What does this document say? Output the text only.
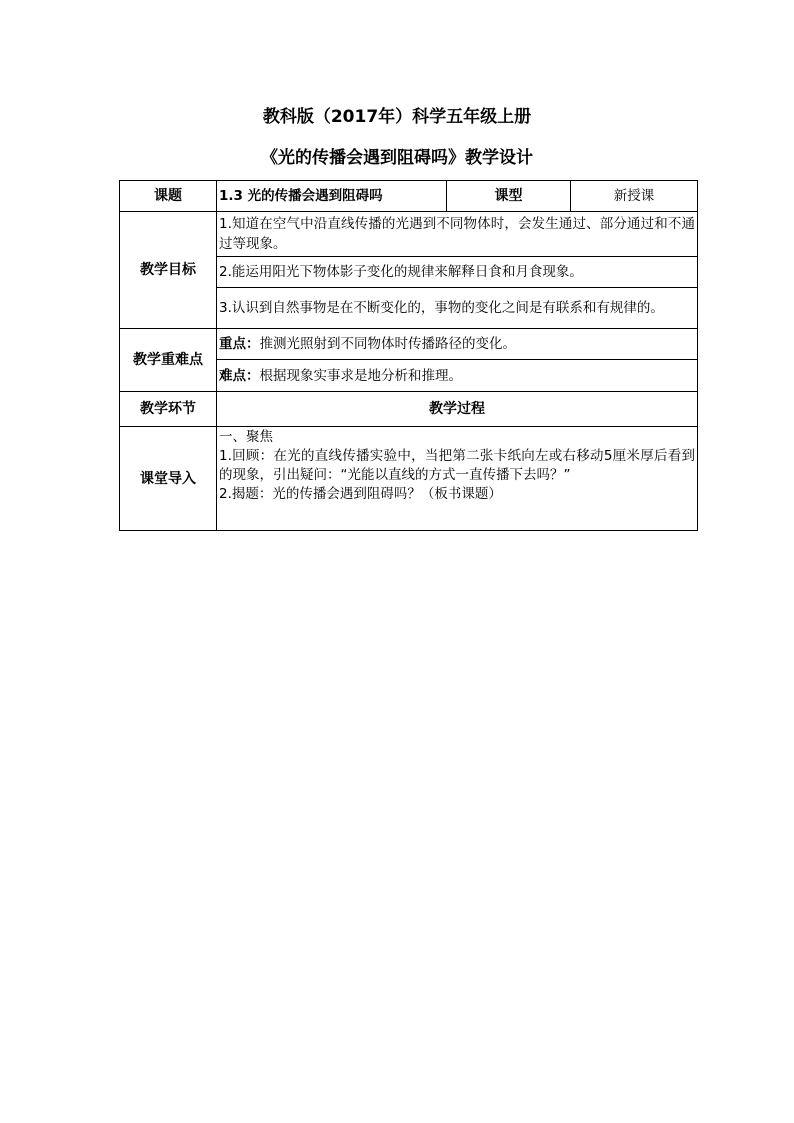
教科版（2017年）科学五年级上册
《光的传播会遇到阻碍吗》教学设计
课题	1.3 光的传播会遇到阻碍吗	课型	新授课
教学目标	1.知道在空气中沿直线传播的光遇到不同物体时，会发生通过、部分通过和不通过等现象。		
	2.能运用阳光下物体影子变化的规律来解释日食和月食现象。		
	3.认识到自然事物是在不断变化的，事物的变化之间是有联系和有规律的。		
教学重难点	重点：推测光照射到不同物体时传播路径的变化。		
	难点：根据现象实事求是地分析和推理。		
教学环节	教学过程		
课堂导入	一、聚焦
1.回顾：在光的直线传播实验中，当把第二张卡纸向左或右移动5厘米厚后看到的现象，引出疑问：“光能以直线的方式一直传播下去吗？”
2.揭题：光的传播会遇到阻碍吗？（板书课题）		
